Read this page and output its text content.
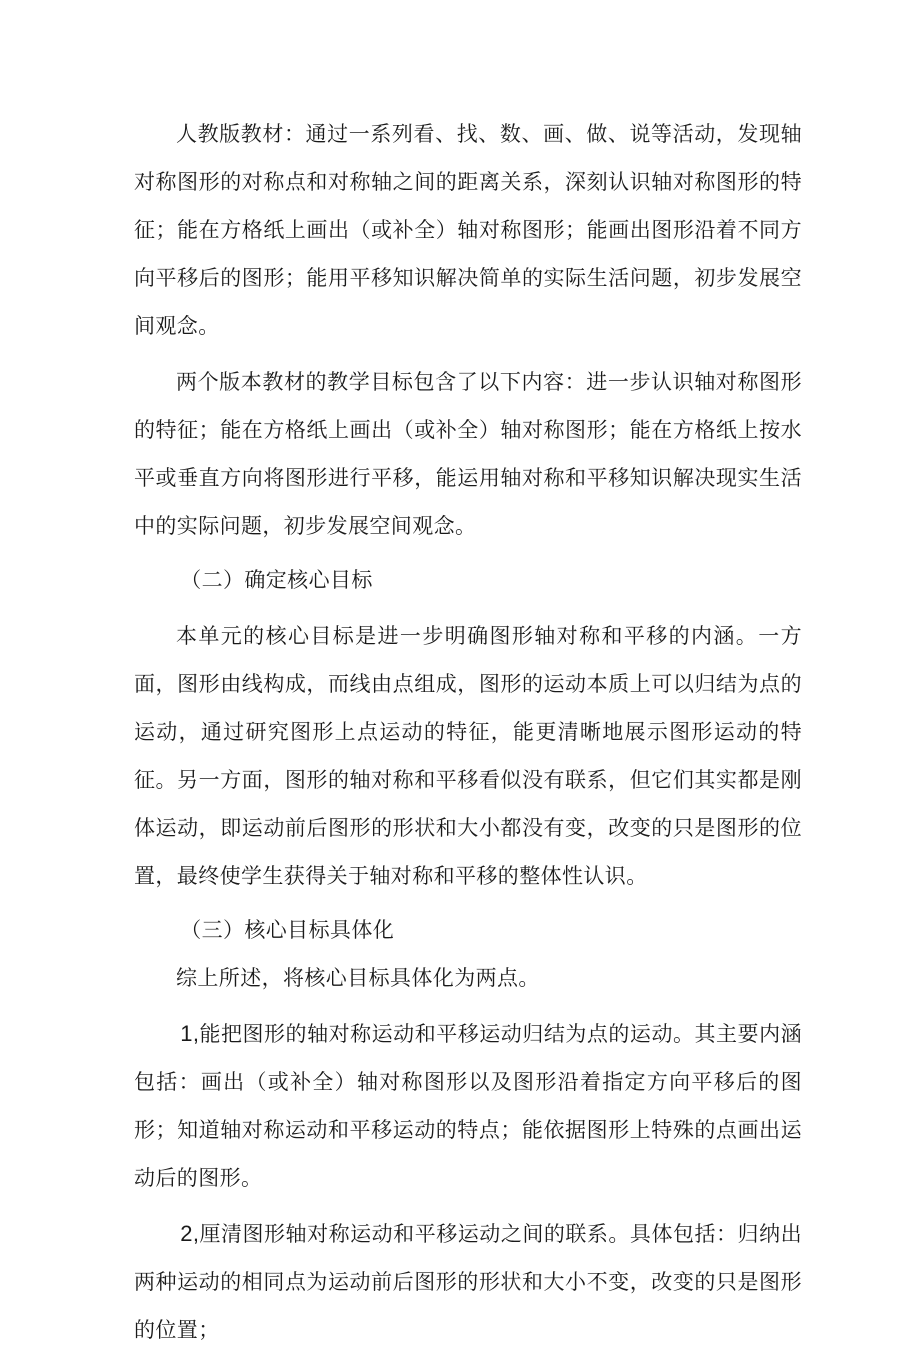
人教版教材：通过一系列看、找、数、画、做、说等活动，发现轴对称图形的对称点和对称轴之间的距离关系，深刻认识轴对称图形的特征；能在方格纸上画出（或补全）轴对称图形；能画出图形沿着不同方向平移后的图形；能用平移知识解决简单的实际生活问题，初步发展空间观念。

两个版本教材的教学目标包含了以下内容：进一步认识轴对称图形的特征；能在方格纸上画出（或补全）轴对称图形；能在方格纸上按水平或垂直方向将图形进行平移，能运用轴对称和平移知识解决现实生活中的实际问题，初步发展空间观念。

（二）确定核心目标

本单元的核心目标是进一步明确图形轴对称和平移的内涵。一方面，图形由线构成，而线由点组成，图形的运动本质上可以归结为点的运动，通过研究图形上点运动的特征，能更清晰地展示图形运动的特征。另一方面，图形的轴对称和平移看似没有联系，但它们其实都是刚体运动，即运动前后图形的形状和大小都没有变，改变的只是图形的位置，最终使学生获得关于轴对称和平移的整体性认识。

（三）核心目标具体化

综上所述，将核心目标具体化为两点。

1,能把图形的轴对称运动和平移运动归结为点的运动。其主要内涵包括：画出（或补全）轴对称图形以及图形沿着指定方向平移后的图形；知道轴对称运动和平移运动的特点；能依据图形上特殊的点画出运动后的图形。

2,厘清图形轴对称运动和平移运动之间的联系。具体包括：归纳出两种运动的相同点为运动前后图形的形状和大小不变，改变的只是图形的位置；
